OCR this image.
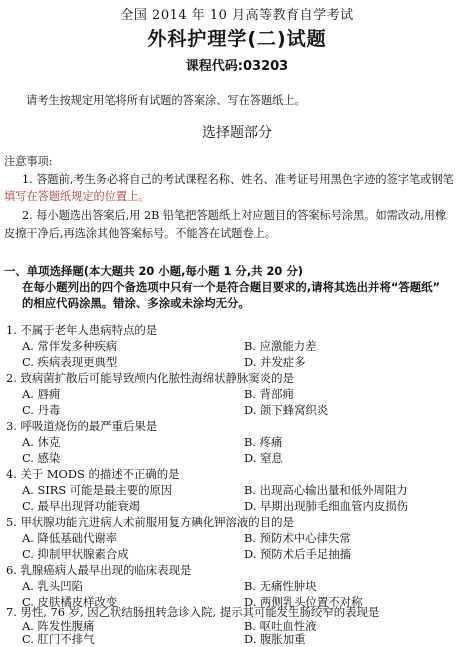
全国 2014 年 10 月高等教育自学考试
外科护理学(二)试题
课程代码:03203
请考生按规定用笔将所有试题的答案涂、写在答题纸上。
选择题部分
注意事项:
1. 答题前,考生务必将自己的考试课程名称、姓名、准考证号用黑色字迹的签字笔或钢笔
填写在答题纸规定的位置上。
2. 每小题选出答案后,用 2B 铅笔把答题纸上对应题目的答案标号涂黑。如需改动,用橡
皮擦干净后,再选涂其他答案标号。不能答在试题卷上。
一、单项选择题(本大题共 20 小题,每小题 1 分,共 20 分)
在每小题列出的四个备选项中只有一个是符合题目要求的,请将其选出并将“答题纸”
的相应代码涂黑。错涂、多涂或未涂均无分。
1. 不属于老年人患病特点的是
A. 常伴发多种疾病	B. 应激能力差
C. 疾病表现更典型	D. 并发症多
2. 致病菌扩散后可能导致颅内化脓性海绵状静脉窦炎的是
A. 唇痈	B. 背部痈
C. 丹毒	D. 颌下蜂窝织炎
3. 呼吸道烧伤的最严重后果是
A. 休克	B. 疼痛
C. 感染	D. 窒息
4. 关于 MODS 的描述不正确的是
A. SIRS 可能是最主要的原因	B. 出现高心输出量和低外周阻力
C. 最早出现肾功能衰竭	D. 早期出现肺毛细血管内皮损伤
5. 甲状腺功能亢进病人术前服用复方碘化钾溶液的目的是
A. 降低基础代谢率	B. 预防术中心律失常
C. 抑制甲状腺素合成	D. 预防术后手足抽搐
6. 乳腺癌病人最早出现的临床表现是
A. 乳头凹陷	B. 无痛性肿块
C. 皮肤橘皮样改变	D. 两侧乳头位置不对称
7. 男性, 76 岁, 因乙状结肠扭转急诊入院, 提示其可能发生肠绞窄的表现是
A. 阵发性腹痛	B. 呕吐血性液
C. 肛门不排气	D. 腹胀加重
